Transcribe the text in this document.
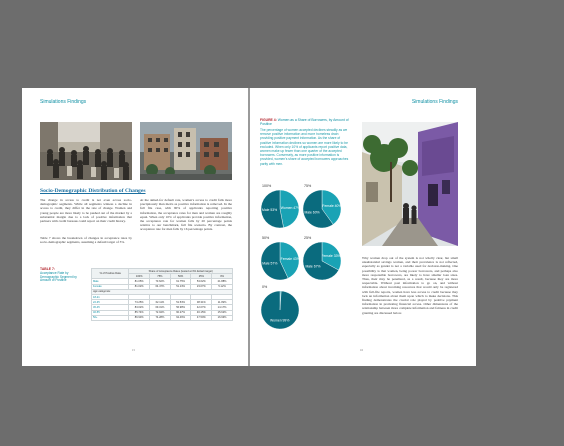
Simulations Findings
Socio-Demographic Distribution of Changes

The change in access to credit is not even across socio-demographic segments. While all segments witness a decline in access to credit, they differ in the rate of change. Women and young people are more likely to be pushed out of the market by a substantial margin due to a lack of positive information that partners with credit bureaus could report on their credit history.

Table 7 shows the breakdown of changes in acceptance rates by socio-demographic segments, assuming a default target of 3%.

At the aimed-for default rate, women's access to credit falls more precipitously than men's as positive information is removed. In the full file case, with 90% of applicants reporting positive information, the acceptance rates for men and women are roughly equal. When only 10% of applicants provide positive information, the acceptance rate for women falls by 20 percentage points relative to our benchmark, full file scenario. By contrast, the acceptance rate for men falls by 16 percentage points.

TABLE 7:
Acceptance Rate by Demographic Segment by Amount of Positive
% of Positive Data	Share of Acceptance Rates (tested at 3% default target)				
	100%	75%	50%	25%	0%
Male	81.05%	73.62%	61.75%	53.62%	21.88%
Female	81.02%	64.47%	51.13%	23.07%	5.12%
Age categories					
18-21					
22-35	73.25%	62.11%	51.53%	38.31%	11.09%
36-45	83.02%	69.31%	56.98%	42.07%	14.17%
46-55	85.74%	72.94%	60.27%	46.15%	15.62%
56+	86.93%	74.28%	62.46%	47.50%	16.93%
15
Simulations Findings
FIGURE 4: Women as a Share of Borrowers, by Amount of Positive

The percentage of women accepted declines steadily as we remove positive information and more homeless drain providing positive payment information. As the share of positive information declines so women are more likely to be excluded. When only 10% of applicants report positive data, women make up fewer than one quarter of the accepted borrowers. Conversely, as more positive information is provided, women's share of accepted borrowers approaches parity with men.

100%
Women 47%
Male 53%
75%
Female 40%
Male 60%
50%
Female 43%
Male 57%
25%
Female 33%
Male 67%
0%
Women 99%

Why women drop out of the system is not wholly clear, but small unsubstantial savings women, and their prevalence is not reflected, especially as gender is not a variable used for decision-making. One possibility is that women, being poorer borrowers, and perhaps also more responsible borrowers, are likely to have smaller loan sizes. Thus, their may be penalized, as a result, because they are more respectable. Without past information to go on, and without information about incoming resources that would only be registered with full-file reports, women have less access to credit because they lack an information about them upon which to make decisions. This finding demonstrates the crucial role played by positive payment information in promoting financial access. Other dimensions of the relationship between more complete information and fairness in credit granting are discussed below.

16
